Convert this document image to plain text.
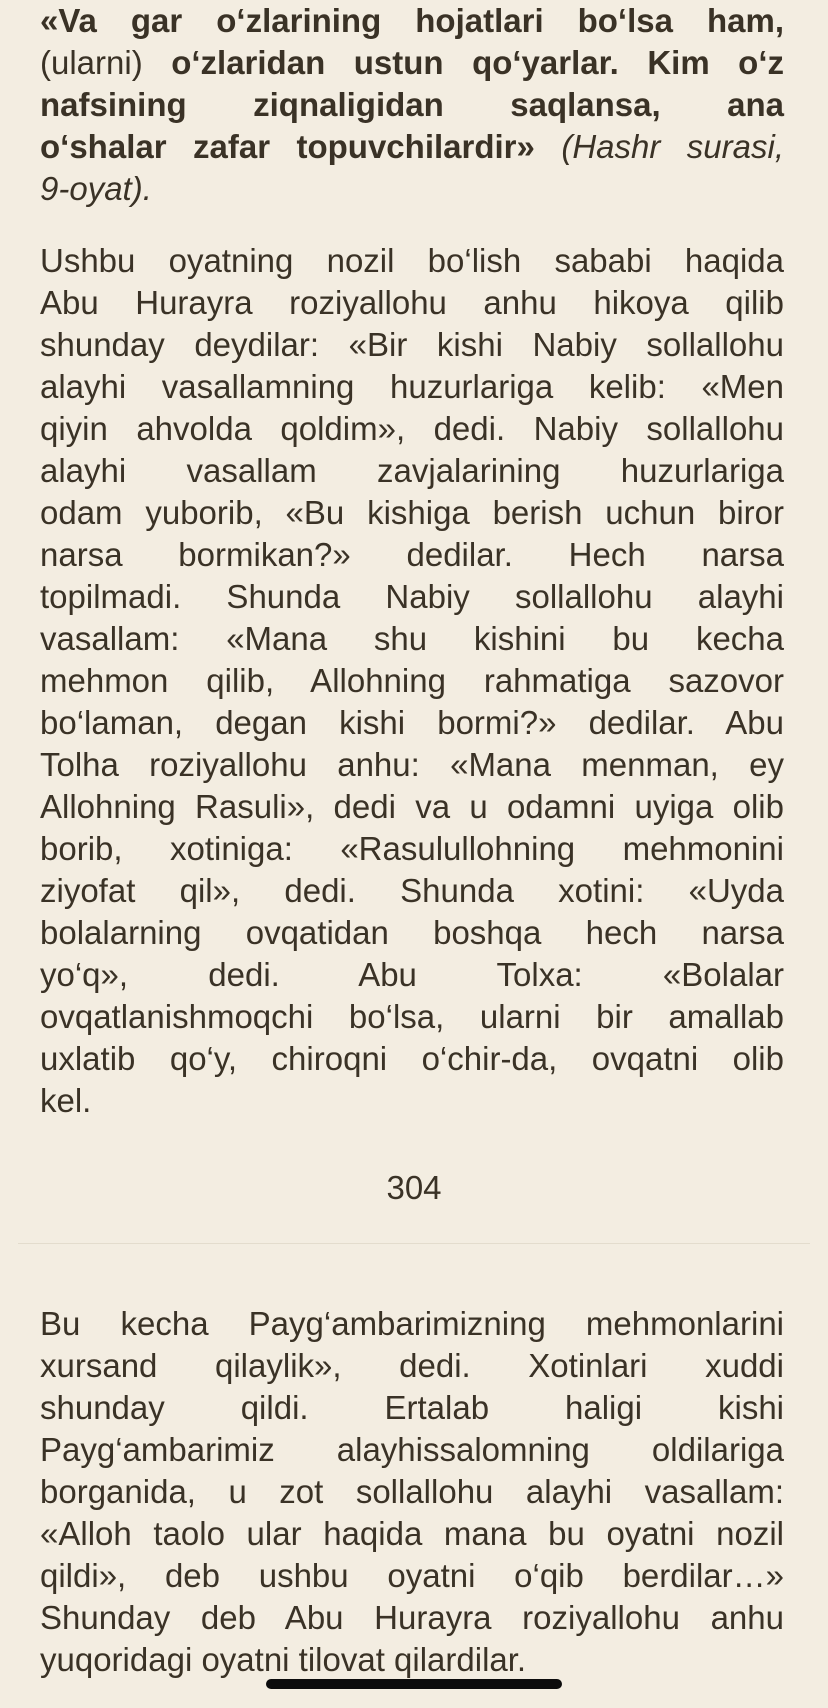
«Va gar o‘zlarining hojatlari bo‘lsa ham,
(ularni) o‘zlaridan ustun qo‘yarlar. Kim o‘z
nafsining ziqnaligidan saqlansa, ana
o‘shalar zafar topuvchilardir» (Hashr surasi,
9-oyat).
Ushbu oyatning nozil bo‘lish sababi haqida
Abu Hurayra roziyallohu anhu hikoya qilib
shunday deydilar: «Bir kishi Nabiy sollallohu
alayhi vasallamning huzurlariga kelib: «Men
qiyin ahvolda qoldim», dedi. Nabiy sollallohu
alayhi vasallam zavjalarining huzurlariga
odam yuborib, «Bu kishiga berish uchun biror
narsa bormikan?» dedilar. Hech narsa
topilmadi. Shunda Nabiy sollallohu alayhi
vasallam: «Mana shu kishini bu kecha
mehmon qilib, Allohning rahmatiga sazovor
bo‘laman, degan kishi bormi?» dedilar. Abu
Tolha roziyallohu anhu: «Mana menman, ey
Allohning Rasuli», dedi va u odamni uyiga olib
borib, xotiniga: «Rasulullohning mehmonini
ziyofat qil», dedi. Shunda xotini: «Uyda
bolalarning ovqatidan boshqa hech narsa
yo‘q», dedi. Abu Tolxa: «Bolalar
ovqatlanishmoqchi bo‘lsa, ularni bir amallab
uxlatib qo‘y, chiroqni o‘chir-da, ovqatni olib
kel.
304
Bu kecha Payg‘ambarimizning mehmonlarini
xursand qilaylik», dedi. Xotinlari xuddi
shunday qildi. Ertalab haligi kishi
Payg‘ambarimiz alayhissalomning oldilariga
borganida, u zot sollallohu alayhi vasallam:
«Alloh taolo ular haqida mana bu oyatni nozil
qildi», deb ushbu oyatni o‘qib berdilar…»
Shunday deb Abu Hurayra roziyallohu anhu
yuqoridagi oyatni tilovat qilardilar.
